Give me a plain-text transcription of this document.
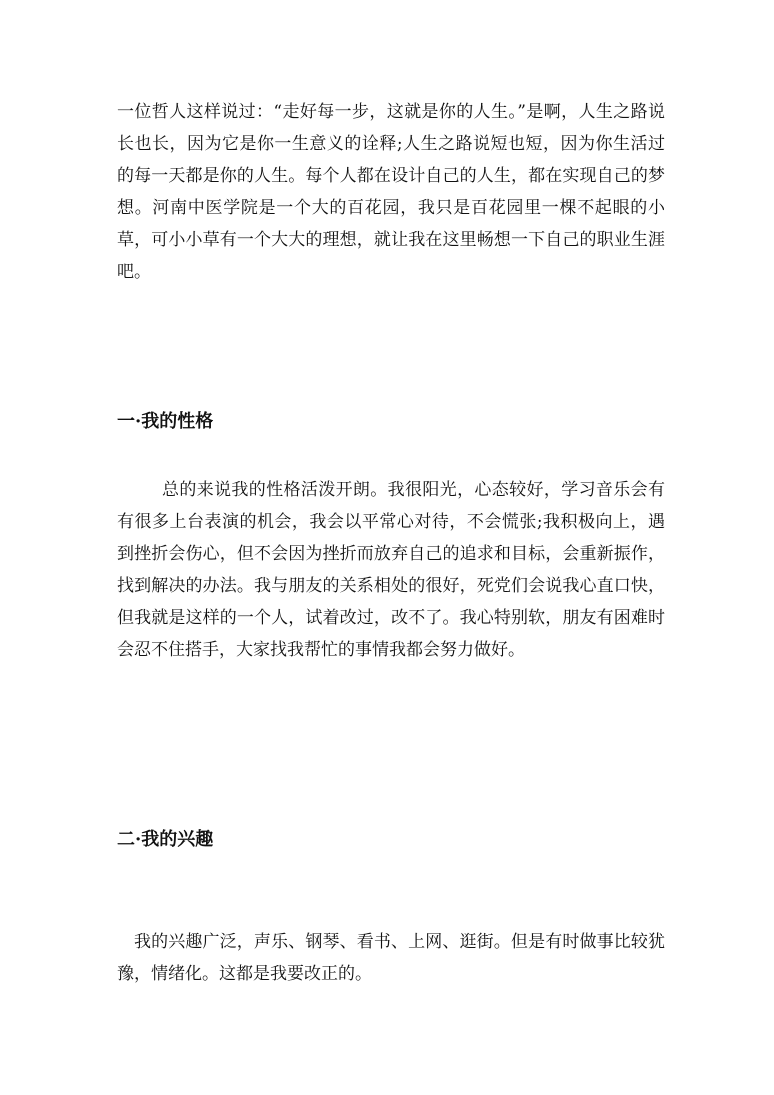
一位哲人这样说过：“走好每一步，这就是你的人生。”是啊，人生之路说长也长，因为它是你一生意义的诠释;人生之路说短也短，因为你生活过的每一天都是你的人生。每个人都在设计自己的人生，都在实现自己的梦想。河南中医学院是一个大的百花园，我只是百花园里一棵不起眼的小草，可小小草有一个大大的理想，就让我在这里畅想一下自己的职业生涯吧。

一·我的性格

总的来说我的性格活泼开朗。我很阳光，心态较好，学习音乐会有有很多上台表演的机会，我会以平常心对待，不会慌张;我积极向上，遇到挫折会伤心，但不会因为挫折而放弃自己的追求和目标，会重新振作，找到解决的办法。我与朋友的关系相处的很好，死党们会说我心直口快，但我就是这样的一个人，试着改过，改不了。我心特别软，朋友有困难时会忍不住搭手，大家找我帮忙的事情我都会努力做好。

二·我的兴趣

我的兴趣广泛，声乐、钢琴、看书、上网、逛街。但是有时做事比较犹豫，情绪化。这都是我要改正的。
